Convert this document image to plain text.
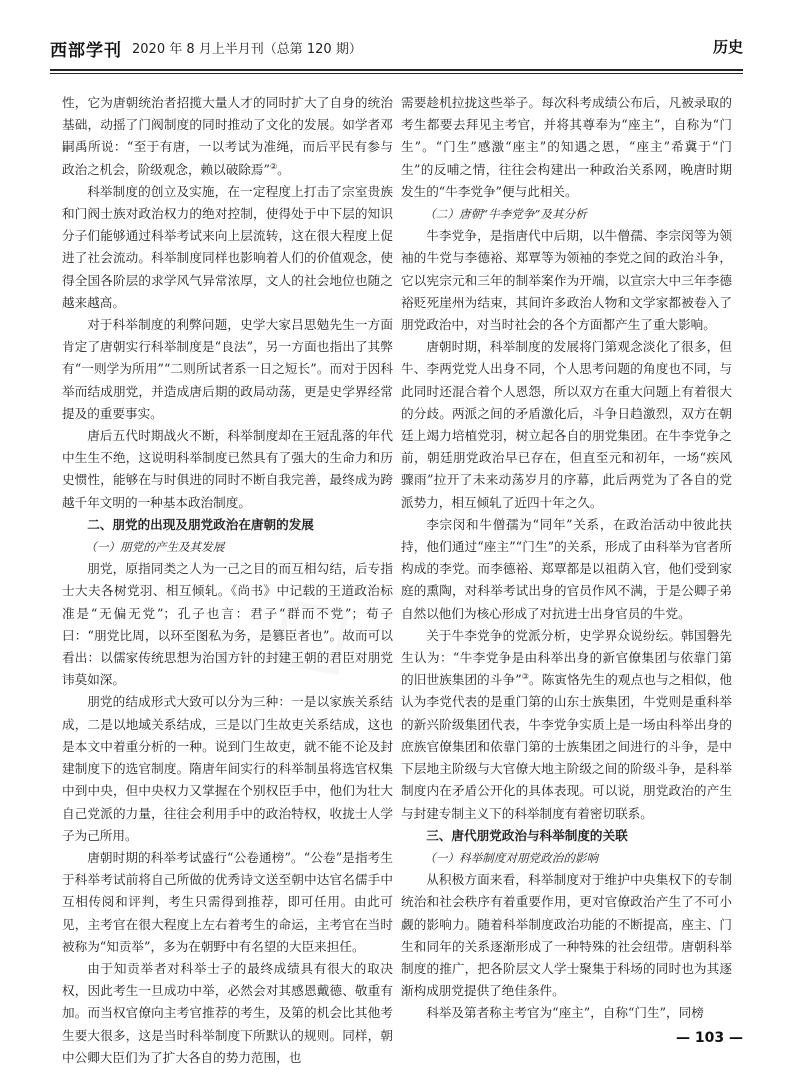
西部学刊 2020 年 8 月上半月刊（总第 120 期）	历史

性，它为唐朝统治者招揽大量人才的同时扩大了自身的统治基础，动摇了门阀制度的同时推动了文化的发展。如学者邓嗣禹所说：“至于有唐，一以考试为准绳，而后平民有参与政治之机会，阶级观念，赖以破除焉”②。

科举制度的创立及实施，在一定程度上打击了宗室贵族和门阀士族对政治权力的绝对控制，使得处于中下层的知识分子们能够通过科举考试来向上层流转，这在很大程度上促进了社会流动。科举制度同样也影响着人们的价值观念，使得全国各阶层的求学风气异常浓厚，文人的社会地位也随之越来越高。

对于科举制度的利弊问题，史学大家吕思勉先生一方面肯定了唐朝实行科举制度是“良法”，另一方面也指出了其弊有“一则学为所用”“二则所试者系一日之短长”。而对于因科举而结成朋党，并造成唐后期的政局动荡，更是史学界经常提及的重要事实。

唐后五代时期战火不断，科举制度却在王冠乱落的年代中生生不绝，这说明科举制度已然具有了强大的生命力和历史惯性，能够在与时俱进的同时不断自我完善，最终成为跨越千年文明的一种基本政治制度。

二、朋党的出现及朋党政治在唐朝的发展
（一）朋党的产生及其发展

朋党，原指同类之人为一己之目的而互相勾结，后专指士大夫各树党羽、相互倾轧。《尚书》中记载的王道政治标准是“无偏无党”；孔子也言：君子“群而不党”；荀子曰：“朋党比周，以环至图私为务，是篡臣者也”。故而可以看出：以儒家传统思想为治国方针的封建王朝的君臣对朋党讳莫如深。

朋党的结成形式大致可以分为三种：一是以家族关系结成，二是以地域关系结成，三是以门生故吏关系结成，这也是本文中着重分析的一种。说到门生故吏，就不能不论及封建制度下的选官制度。隋唐年间实行的科举制虽将选官权集中到中央，但中央权力又掌握在个别权臣手中，他们为壮大自己党派的力量，往往会利用手中的政治特权，收拢士人学子为己所用。

唐朝时期的科举考试盛行“公卷通榜”。“公卷”是指考生于科举考试前将自己所做的优秀诗文送至朝中达官名儒手中互相传阅和评判，考生只需得到推荐，即可任用。由此可见，主考官在很大程度上左右着考生的命运，主考官在当时被称为“知贡举”，多为在朝野中有名望的大臣来担任。

由于知贡举者对科举士子的最终成绩具有很大的取决权，因此考生一旦成功中举，必然会对其感恩戴德、敬重有加。而当权官僚向主考官推荐的考生，及第的机会比其他考生要大很多，这是当时科举制度下所默认的规则。同样，朝中公卿大臣们为了扩大各自的势力范围，也

需要趁机拉拢这些举子。每次科考成绩公布后，凡被录取的考生都要去拜见主考官，并将其尊奉为“座主”，自称为“门生”。“门生”感激“座主”的知遇之恩，“座主”希冀于“门生”的反哺之情，往往会构建出一种政治关系网，晚唐时期发生的“牛李党争”便与此相关。

（二）唐朝“牛李党争”及其分析

牛李党争，是指唐代中后期，以牛僧孺、李宗闵等为领袖的牛党与李德裕、郑覃等为领袖的李党之间的政治斗争，它以宪宗元和三年的制举案作为开端，以宣宗大中三年李德裕贬死崖州为结束，其间许多政治人物和文学家都被卷入了朋党政治中，对当时社会的各个方面都产生了重大影响。

唐朝时期，科举制度的发展将门第观念淡化了很多，但牛、李两党党人出身不同，个人思考问题的角度也不同，与此同时还混合着个人恩怨，所以双方在重大问题上有着很大的分歧。两派之间的矛盾激化后，斗争日趋激烈，双方在朝廷上竭力培植党羽，树立起各自的朋党集团。在牛李党争之前，朝廷朋党政治早已存在，但直至元和初年，一场“疾风骤雨”拉开了未来动荡岁月的序幕，此后两党为了各自的党派势力，相互倾轧了近四十年之久。

李宗闵和牛僧孺为“同年”关系，在政治活动中彼此扶持，他们通过“座主”“门生”的关系，形成了由科举为官者所构成的李党。而李德裕、郑覃都是以祖荫入官，他们受到家庭的熏陶，对科举考试出身的官员作风不满，于是公卿子弟自然以他们为核心形成了对抗进士出身官员的牛党。

关于牛李党争的党派分析，史学界众说纷纭。韩国磐先生认为：“牛李党争是由科举出身的新官僚集团与依靠门第的旧世族集团的斗争”③。陈寅恪先生的观点也与之相似，他认为李党代表的是重门第的山东士族集团，牛党则是重科举的新兴阶级集团代表，牛李党争实质上是一场由科举出身的庶族官僚集团和依靠门第的士族集团之间进行的斗争，是中下层地主阶级与大官僚大地主阶级之间的阶级斗争，是科举制度内在矛盾公开化的具体表现。可以说，朋党政治的产生与封建专制主义下的科举制度有着密切联系。

三、唐代朋党政治与科举制度的关联
（一）科举制度对朋党政治的影响

从积极方面来看，科举制度对于维护中央集权下的专制统治和社会秩序有着重要作用，更对官僚政治产生了不可小觑的影响力。随着科举制度政治功能的不断提高，座主、门生和同年的关系逐渐形成了一种特殊的社会纽带。唐朝科举制度的推广，把各阶层文人学士聚集于科场的同时也为其逐渐构成朋党提供了绝佳条件。

科举及第者称主考官为“座主”，自称“门生”，同榜

— 103 —
